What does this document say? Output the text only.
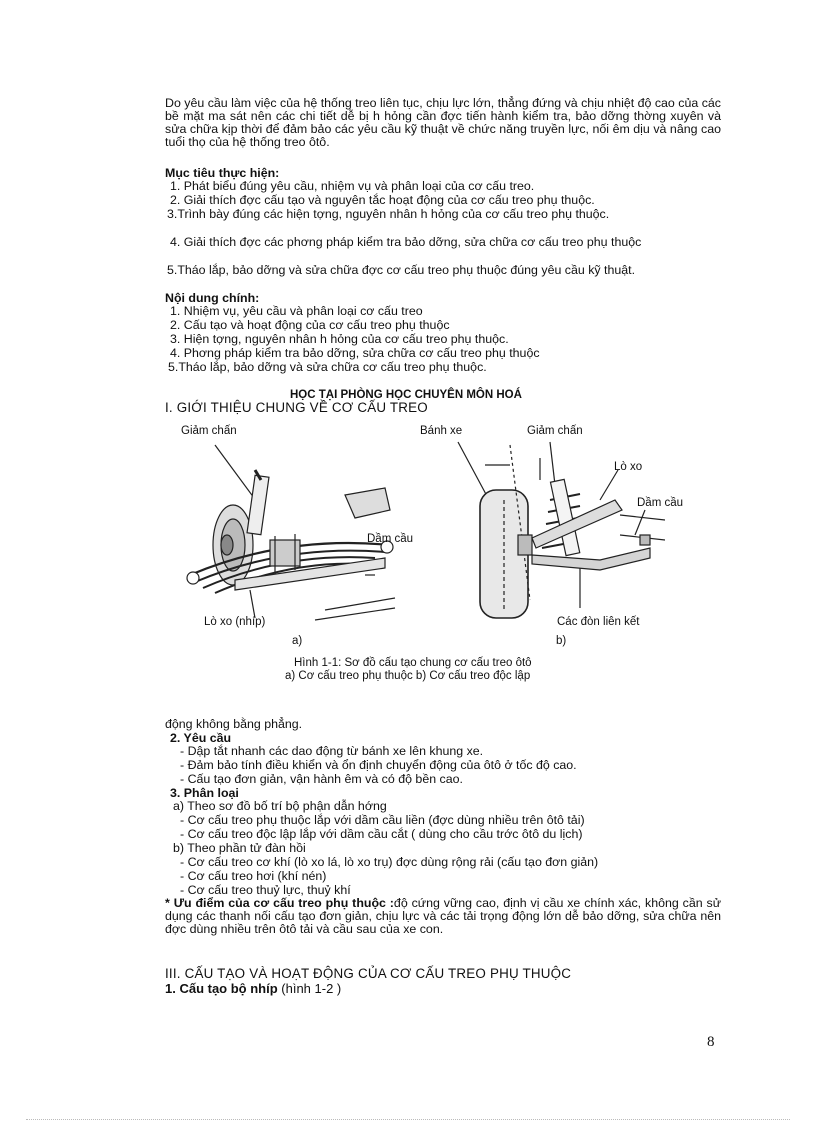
Do yêu cầu làm việc của hệ thống treo liên tục, chịu lực lớn, thẳng đứng và chịu nhiệt độ cao của các bề mặt ma sát nên các chi tiết dễ bị h hỏng cần đợc tiến hành kiểm tra, bảo dỡng thờng xuyên và sửa chữa kịp thời để đảm bảo các yêu cầu kỹ thuật về chức năng truyền lực, nối êm dịu và nâng cao tuổi thọ của hệ thống treo ôtô.
Mục tiêu thực hiện:
1. Phát biểu đúng yêu cầu, nhiệm vụ và phân loại của cơ cấu treo.
2. Giải thích đợc cấu tạo và nguyên tắc hoạt động của cơ cấu treo phụ thuộc.
3.Trình bày đúng các hiện tợng, nguyên nhân h hỏng của cơ cấu treo phụ thuộc.
4. Giải thích đợc các phơng pháp kiểm tra bảo dỡng, sửa chữa cơ cấu treo phụ thuộc
5.Tháo lắp, bảo dỡng và sửa chữa đợc cơ cấu treo phụ thuộc đúng yêu cầu kỹ thuật.
Nội dung chính:
1. Nhiệm vụ, yêu cầu và phân loại cơ cấu treo
2. Cấu tạo và hoạt động của cơ cấu treo phụ thuộc
3. Hiện tợng, nguyên nhân h hỏng của cơ cấu treo phụ thuộc.
4. Phơng pháp kiểm tra bảo dỡng, sửa chữa cơ cấu treo phụ thuộc
5.Tháo lắp, bảo dỡng và sửa chữa cơ cấu treo phụ thuộc.
HỌC TẠI PHÒNG HỌC CHUYÊN MÔN HOÁ
I. GIỚI THIỆU CHUNG VỀ CƠ CẤU TREO
Giảm chấn
Dầm cầu
Lò xo (nhíp)
a)
Bánh xe	Giảm chấn
Lò xo
Dầm cầu
Các đòn liên kết
b)
Hình 1-1: Sơ đồ cấu tạo chung cơ cấu treo ôtô
a) Cơ cấu treo phụ thuộc b) Cơ cấu treo độc lập
động không bằng phẳng.
2. Yêu cầu
- Dập tắt nhanh các dao động từ bánh xe lên khung xe.
- Đảm bảo tính điều khiển và ổn định chuyển động của ôtô ở tốc độ cao.
- Cấu tạo đơn giản, vận hành êm và có độ bền cao.
3. Phân loại
a) Theo sơ đồ bố trí bộ phận dẫn hớng
- Cơ cấu treo phụ thuộc lắp với dầm cầu liền (đợc dùng nhiều trên ôtô tải)
- Cơ cấu treo độc lập lắp với dầm cầu cắt ( dùng cho cầu trớc ôtô du lịch)
b) Theo phần tử đàn hồi
- Cơ cấu treo cơ khí (lò xo lá, lò xo trụ) đợc dùng rộng rải (cấu tạo đơn giản)
- Cơ cấu treo hơi (khí nén)
- Cơ cấu treo thuỷ lực, thuỷ khí
* Ưu điểm của cơ cấu treo phụ thuộc :độ cứng vững cao, định vị cầu xe chính xác, không cần sử dụng các thanh nối cấu tạo đơn giản, chịu lực và các tải trọng động lớn dễ bảo dỡng, sửa chữa nên đợc dùng nhiều trên ôtô tải và cầu sau của xe con.
III. CẤU TẠO VÀ HOẠT ĐỘNG CỦA CƠ CẤU TREO PHỤ THUỘC
1. Cấu tạo bộ nhíp (hình 1-2 )
8
